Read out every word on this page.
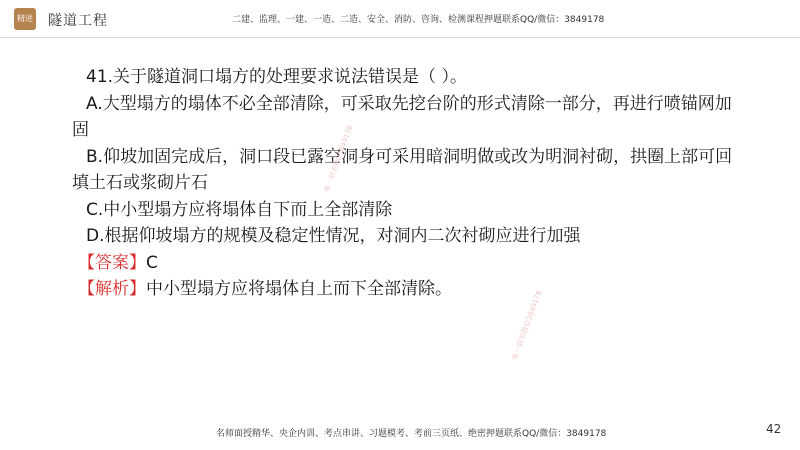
精进 隧道工程	二建、监理、一建、一造、二造、安全、消防、咨询、检测课程押题联系QQ/微信：3849178

41.关于隧道洞口塌方的处理要求说法错误是（ ）。

A.大型塌方的塌体不必全部清除，可采取先挖台阶的形式清除一部分，再进行喷锚网加

固

B.仰坡加固完成后，洞口段已露空洞身可采用暗洞明做或改为明洞衬砌，拱圈上部可回

填土石或浆砌片石

C.中小型塌方应将塌体自下而上全部清除

D.根据仰坡塌方的规模及稳定性情况，对洞内二次衬砌应进行加强

【答案】C

【解析】中小型塌方应将塌体自上而下全部清除。

唯一联系QQ3849178
唯一联系微信3849178
名师面授精华、央企内训、考点串讲、习题模考、考前三页纸、绝密押题联系QQ/微信：3849178	42
